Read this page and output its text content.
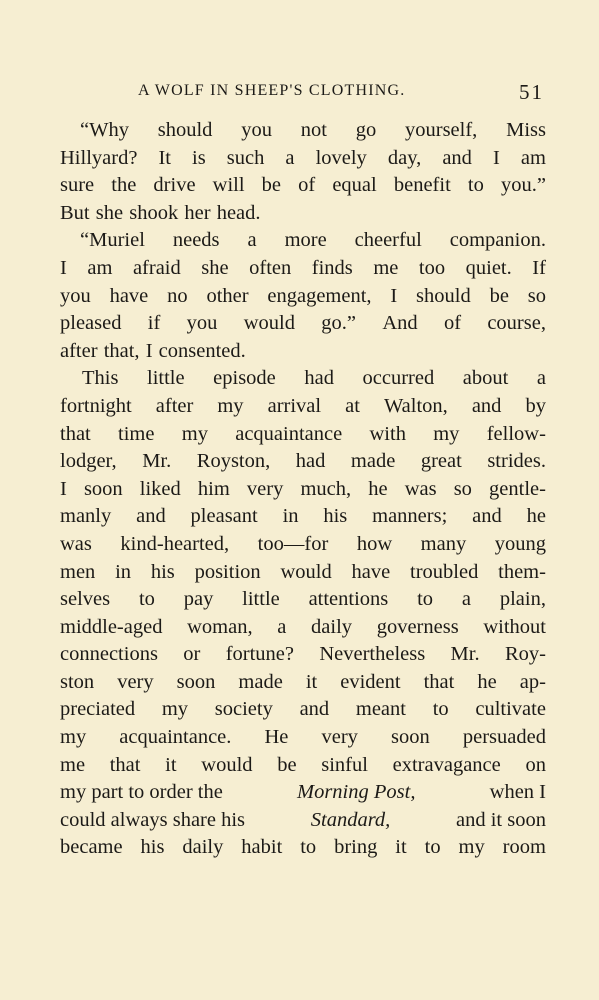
A WOLF IN SHEEP'S CLOTHING.	51
“Why should you not go yourself, Miss
Hillyard? It is such a lovely day, and I am
sure the drive will be of equal benefit to you.”
But she shook her head.
“Muriel needs a more cheerful companion.
I am afraid she often finds me too quiet. If
you have no other engagement, I should be so
pleased if you would go.” And of course,
after that, I consented.
This little episode had occurred about a
fortnight after my arrival at Walton, and by
that time my acquaintance with my fellow-
lodger, Mr. Royston, had made great strides.
I soon liked him very much, he was so gentle-
manly and pleasant in his manners; and he
was kind-hearted, too—for how many young
men in his position would have troubled them-
selves to pay little attentions to a plain,
middle-aged woman, a daily governess without
connections or fortune? Nevertheless Mr. Roy-
ston very soon made it evident that he ap-
preciated my society and meant to cultivate
my acquaintance. He very soon persuaded
me that it would be sinful extravagance on
my part to order the	Morning Post,	when I
could always share his	Standard,	and it soon
became his daily habit to bring it to my room
